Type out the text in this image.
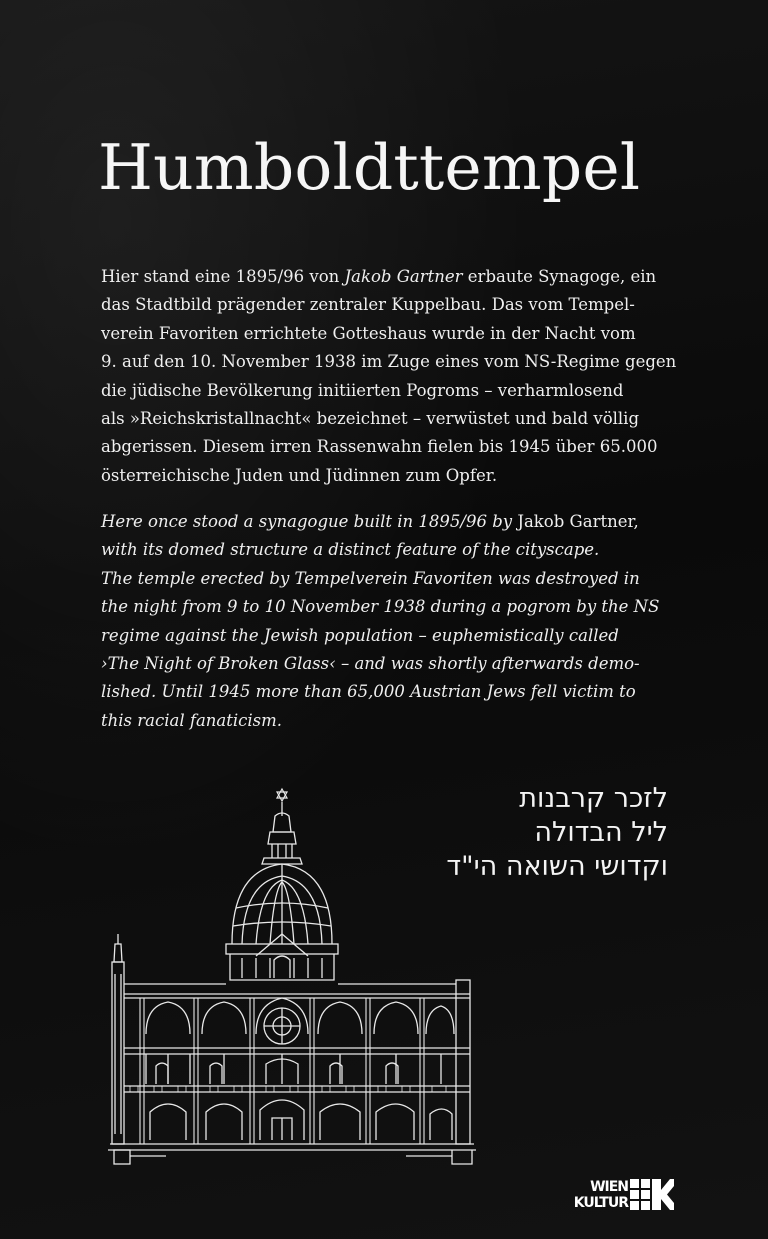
Humboldttempel

Hier stand eine 1895/96 von Jakob Gartner erbaute Synagoge, ein
das Stadtbild prägender zentraler Kuppelbau. Das vom Tempel-
verein Favoriten errichtete Gotteshaus wurde in der Nacht vom
9. auf den 10. November 1938 im Zuge eines vom NS-Regime gegen
die jüdische Bevölkerung initiierten Pogroms – verharmlosend
als »Reichskristallnacht« bezeichnet – verwüstet und bald völlig
abgerissen. Diesem irren Rassenwahn fielen bis 1945 über 65.000
österreichische Juden und Jüdinnen zum Opfer.

Here once stood a synagogue built in 1895/96 by Jakob Gartner,
with its domed structure a distinct feature of the cityscape.
The temple erected by Tempelverein Favoriten was destroyed in
the night from 9 to 10 November 1938 during a pogrom by the NS
regime against the Jewish population – euphemistically called
›The Night of Broken Glass‹ – and was shortly afterwards demo-
lished. Until 1945 more than 65,000 Austrian Jews fell victim to
this racial fanaticism.

לזכר קרבנות
ליל הבדולה
וקדושי השואה הי"ד
WIEN
KULTUR
